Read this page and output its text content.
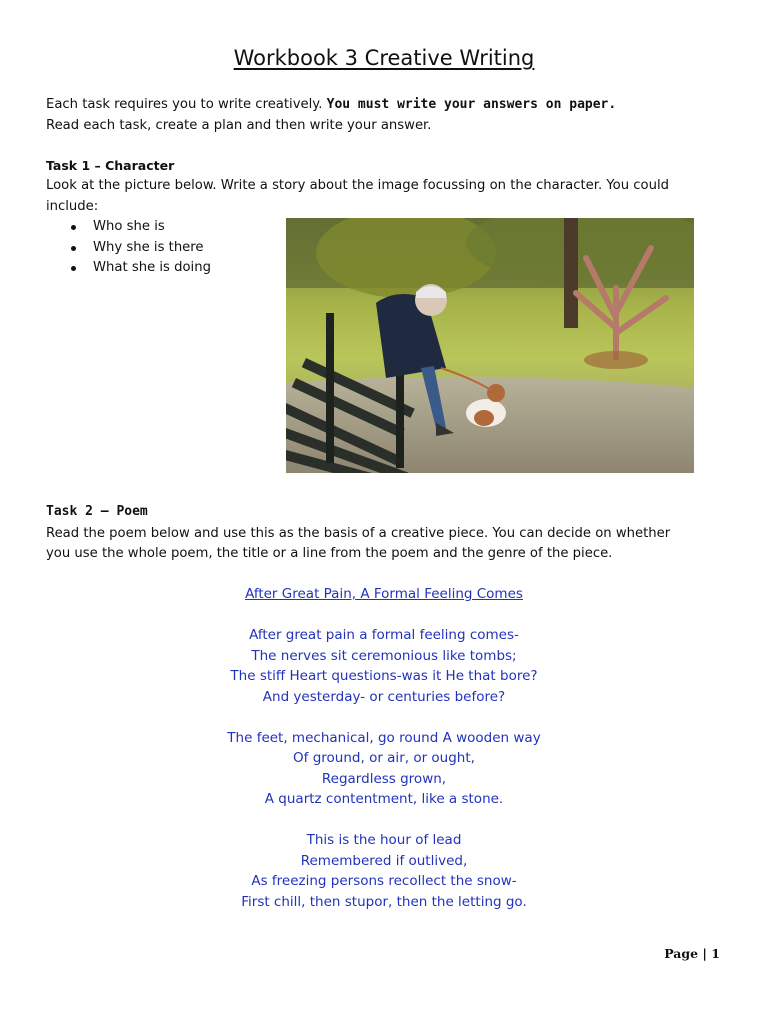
Workbook 3 Creative Writing
Each task requires you to write creatively. You must write your answers on paper.
Read each task, create a plan and then write your answer.
Task 1 – Character
Look at the picture below. Write a story about the image focussing on the character. You could
include:
Who she is
Why she is there
What she is doing
Task 2 – Poem
Read the poem below and use this as the basis of a creative piece. You can decide on whether
you use the whole poem, the title or a line from the poem and the genre of the piece.
After Great Pain, A Formal Feeling Comes
After great pain a formal feeling comes-
The nerves sit ceremonious like tombs;
The stiff Heart questions-was it He that bore?
And yesterday- or centuries before?
The feet, mechanical, go round A wooden way
Of ground, or air, or ought,
Regardless grown,
A quartz contentment, like a stone.
This is the hour of lead
Remembered if outlived,
As freezing persons recollect the snow-
First chill, then stupor, then the letting go.
Page | 1
